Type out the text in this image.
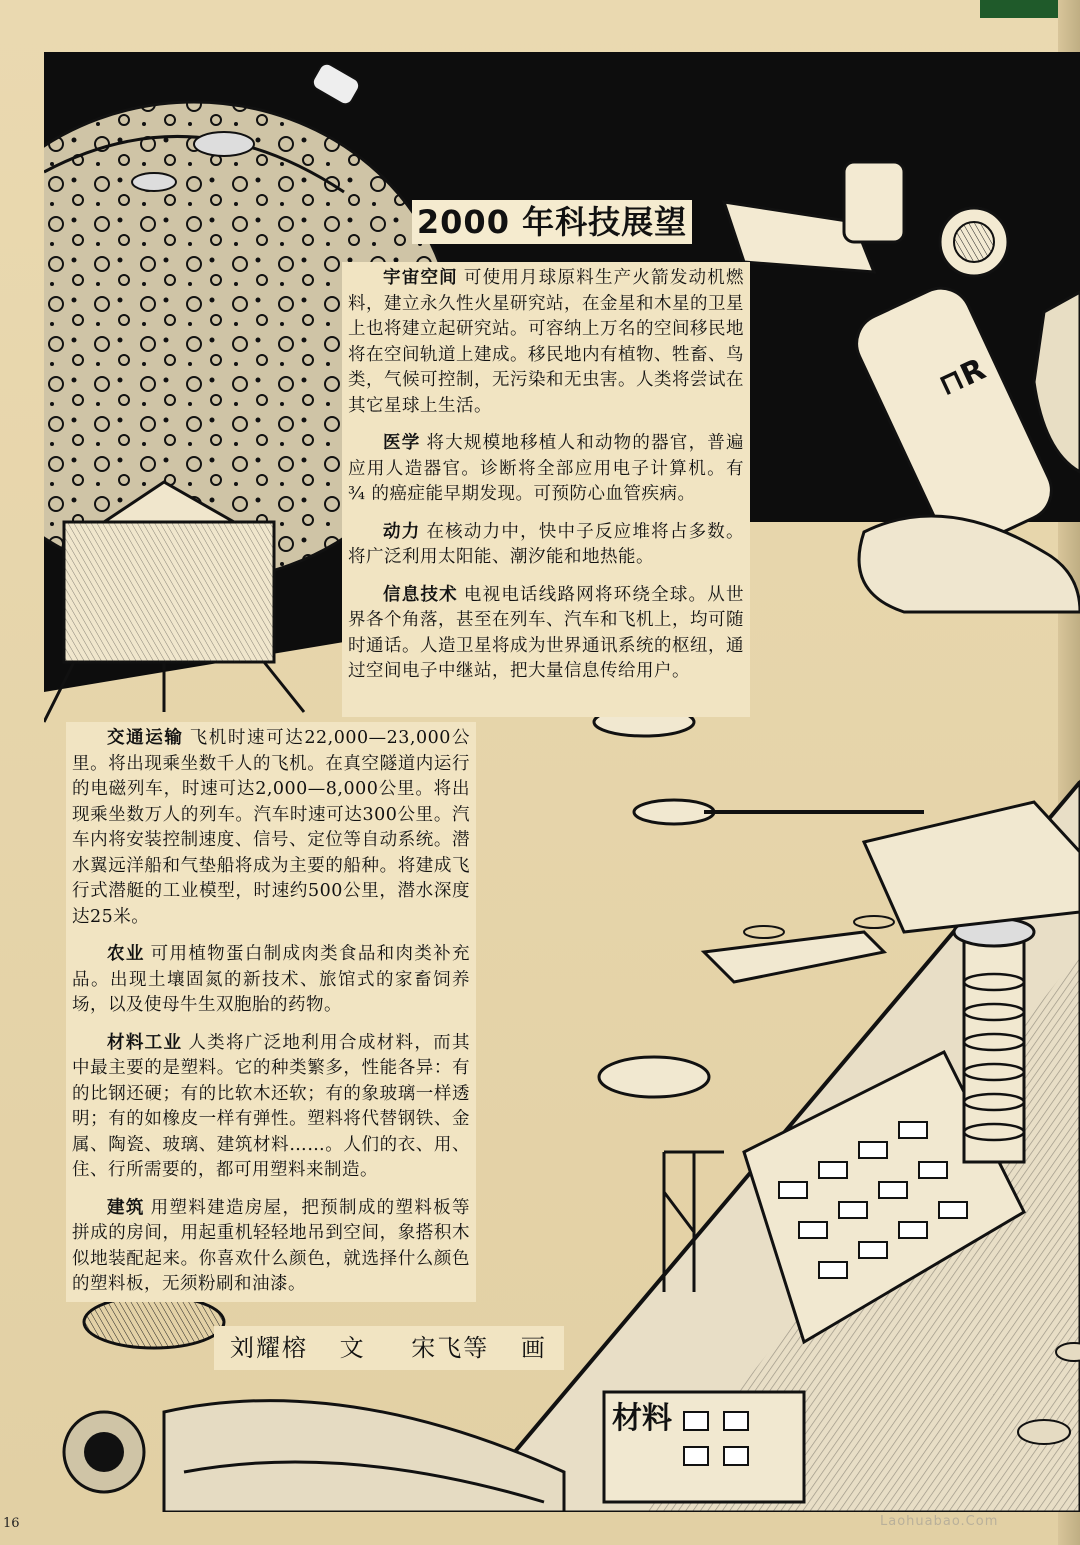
⊓R
2000 年科技展望

宇宙空间 可使用月球原料生产火箭发动机燃料，建立永久性火星研究站，在金星和木星的卫星上也将建立起研究站。可容纳上万名的空间移民地将在空间轨道上建成。移民地内有植物、牲畜、鸟类，气候可控制，无污染和无虫害。人类将尝试在其它星球上生活。

医学 将大规模地移植人和动物的器官，普遍应用人造器官。诊断将全部应用电子计算机。有 ¾ 的癌症能早期发现。可预防心血管疾病。

动力 在核动力中，快中子反应堆将占多数。将广泛利用太阳能、潮汐能和地热能。

信息技术 电视电话线路网将环绕全球。从世界各个角落，甚至在列车、汽车和飞机上，均可随时通话。人造卫星将成为世界通讯系统的枢纽，通过空间电子中继站，把大量信息传给用户。

交通运输 飞机时速可达22,000—23,000公里。将出现乘坐数千人的飞机。在真空隧道内运行的电磁列车，时速可达2,000—8,000公里。将出现乘坐数万人的列车。汽车时速可达300公里。汽车内将安装控制速度、信号、定位等自动系统。潜水翼远洋船和气垫船将成为主要的船种。将建成飞行式潜艇的工业模型，时速约500公里，潜水深度达25米。

农业 可用植物蛋白制成肉类食品和肉类补充品。出现土壤固氮的新技术、旅馆式的家畜饲养场，以及使母牛生双胞胎的药物。

材料工业 人类将广泛地利用合成材料，而其中最主要的是塑料。它的种类繁多，性能各异：有的比钢还硬；有的比软木还软；有的象玻璃一样透明；有的如橡皮一样有弹性。塑料将代替钢铁、金属、陶瓷、玻璃、建筑材料……。人们的衣、用、住、行所需要的，都可用塑料来制造。

建筑 用塑料建造房屋，把预制成的塑料板等拼成的房间，用起重机轻轻地吊到空间，象搭积木似地装配起来。你喜欢什么颜色，就选择什么颜色的塑料板，无须粉刷和油漆。

刘耀榕 文 宋飞等 画
材料
16	Laohuabao.Com
